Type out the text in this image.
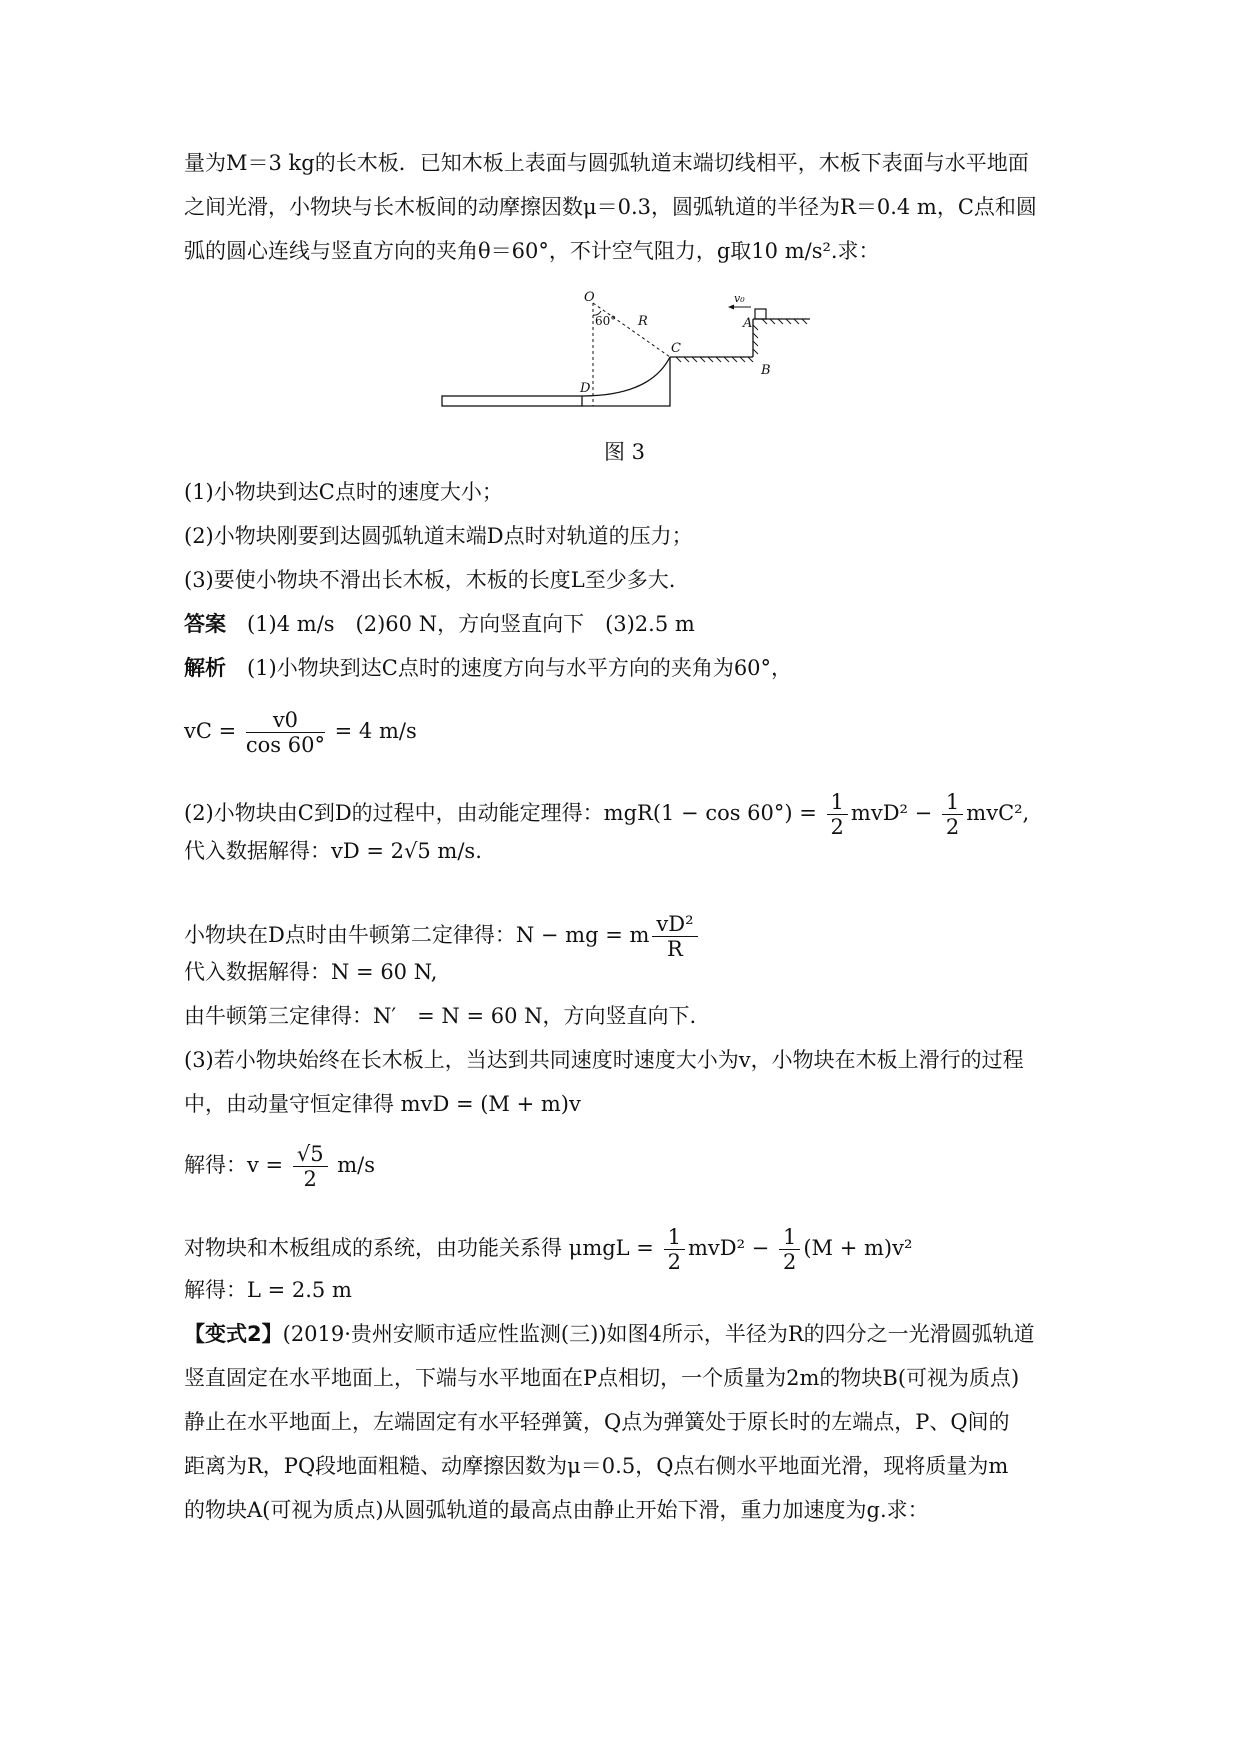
量为M＝3 kg的长木板．已知木板上表面与圆弧轨道末端切线相平，木板下表面与水平地面
之间光滑，小物块与长木板间的动摩擦因数μ＝0.3，圆弧轨道的半径为R＝0.4 m，C点和圆
弧的圆心连线与竖直方向的夹角θ＝60°，不计空气阻力，g取10 m/s².求：
O
60° R
C
v₀
A
B
D
图 3
(1)小物块到达C点时的速度大小；
(2)小物块刚要到达圆弧轨道末端D点时对轨道的压力；
(3)要使小物块不滑出长木板，木板的长度L至少多大.
答案　 (1)4 m/s　(2)60 N，方向竖直向下　(3)2.5 m
解析　 (1)小物块到达C点时的速度方向与水平方向的夹角为60°，
vC = $\frac{v0}{\cos 60^\circ} = 4$ m/s
(2)小物块由C到D的过程中，由动能定理得：$mgR(1 - \cos 60^\circ) = \frac{1}{2} mvD^2 - \frac{1}{2} mvC^2$,
代入数据解得：vD = 2√5 m/s.
小物块在D点时由牛顿第二定律得：N − mg = m $\frac{\text{vD²}}{R}$
代入数据解得：N = 60 N,
由牛顿第三定律得：N′　= N = 60 N，方向竖直向下.
(3)若小物块始终在长木板上，当达到共同速度时速度大小为v，小物块在木板上滑行的过程
中，由动量守恒定律得 mvD = (M + m)v
解得：$v = \frac{√5}{2} m/s$
对物块和木板组成的系统，由功能关系得 $\mu mgL = \frac{1}{2} mvD^2 - \frac{1}{2} (M + m)v^2$
解得：L = 2.5 m
【变式2】(2019·贵州安顺市适应性监测(三))如图4所示，半径为R的四分之一光滑圆弧轨道
竖直固定在水平地面上，下端与水平地面在P点相切，一个质量为2m的物块B(可视为质点)
静止在水平地面上，左端固定有水平轻弹簧，Q点为弹簧处于原长时的左端点，P、Q间的
距离为R，PQ段地面粗糙、动摩擦因数为μ＝0.5，Q点右侧水平地面光滑，现将质量为m
的物块A(可视为质点)从圆弧轨道的最高点由静止开始下滑，重力加速度为g.求：
